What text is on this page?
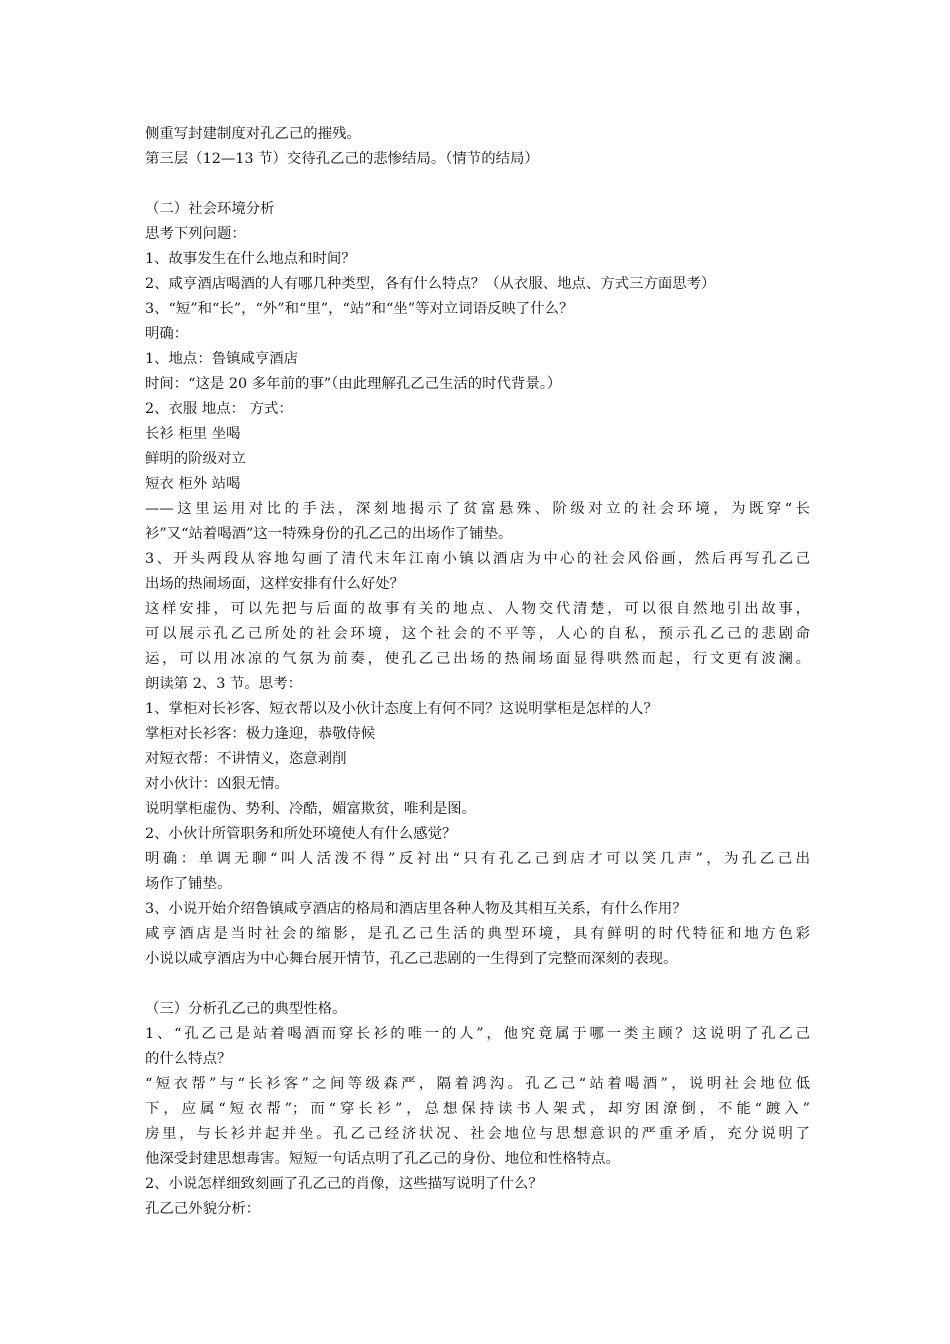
侧重写封建制度对孔乙己的摧残。
第三层（12—13 节）交待孔乙己的悲惨结局。（情节的结局）
（二）社会环境分析
思考下列问题：
1、故事发生在什么地点和时间？
2、咸亨酒店喝酒的人有哪几种类型，各有什么特点？（从衣服、地点、方式三方面思考）
3、“短”和“长”，“外”和“里”，“站”和“坐”等对立词语反映了什么？
明确：
1、地点：鲁镇咸亨酒店
时间：“这是 20 多年前的事”（由此理解孔乙己生活的时代背景。）
2、衣服 地点： 方式：
长衫 柜里 坐喝
鲜明的阶级对立
短衣 柜外 站喝
——这里运用对比的手法，深刻地揭示了贫富悬殊、阶级对立的社会环境，为既穿“长
衫”又“站着喝酒”这一特殊身份的孔乙己的出场作了铺垫。
3、开头两段从容地勾画了清代末年江南小镇以酒店为中心的社会风俗画，然后再写孔乙己
出场的热闹场面，这样安排有什么好处？
这样安排，可以先把与后面的故事有关的地点、人物交代清楚，可以很自然地引出故事，
可以展示孔乙己所处的社会环境，这个社会的不平等，人心的自私，预示孔乙己的悲剧命
运，可以用冰凉的气氛为前奏，使孔乙己出场的热闹场面显得哄然而起，行文更有波澜。
朗读第 2、3 节。思考：
1、掌柜对长衫客、短衣帮以及小伙计态度上有何不同？这说明掌柜是怎样的人？
掌柜对长衫客：极力逢迎，恭敬侍候
对短衣帮：不讲情义，恣意剥削
对小伙计：凶狠无情。
说明掌柜虚伪、势利、冷酷，媚富欺贫，唯利是图。
2、小伙计所管职务和所处环境使人有什么感觉？
明确：单调无聊“叫人活泼不得”反衬出“只有孔乙己到店才可以笑几声”，为孔乙己出
场作了铺垫。
3、小说开始介绍鲁镇咸亨酒店的格局和酒店里各种人物及其相互关系，有什么作用？
咸亨酒店是当时社会的缩影，是孔乙己生活的典型环境，具有鲜明的时代特征和地方色彩
小说以咸亨酒店为中心舞台展开情节，孔乙己悲剧的一生得到了完整而深刻的表现。
（三）分析孔乙己的典型性格。
1、“孔乙己是站着喝酒而穿长衫的唯一的人”，他究竟属于哪一类主顾？这说明了孔乙己
的什么特点？
“短衣帮”与“长衫客”之间等级森严，隔着鸿沟。孔乙己“站着喝酒”，说明社会地位低
下，应属“短衣帮”；而“穿长衫”，总想保持读书人架式，却穷困潦倒，不能“踱入”
房里，与长衫并起并坐。孔乙己经济状况、社会地位与思想意识的严重矛盾，充分说明了
他深受封建思想毒害。短短一句话点明了孔乙己的身份、地位和性格特点。
2、小说怎样细致刻画了孔乙己的肖像，这些描写说明了什么？
孔乙己外貌分析：
